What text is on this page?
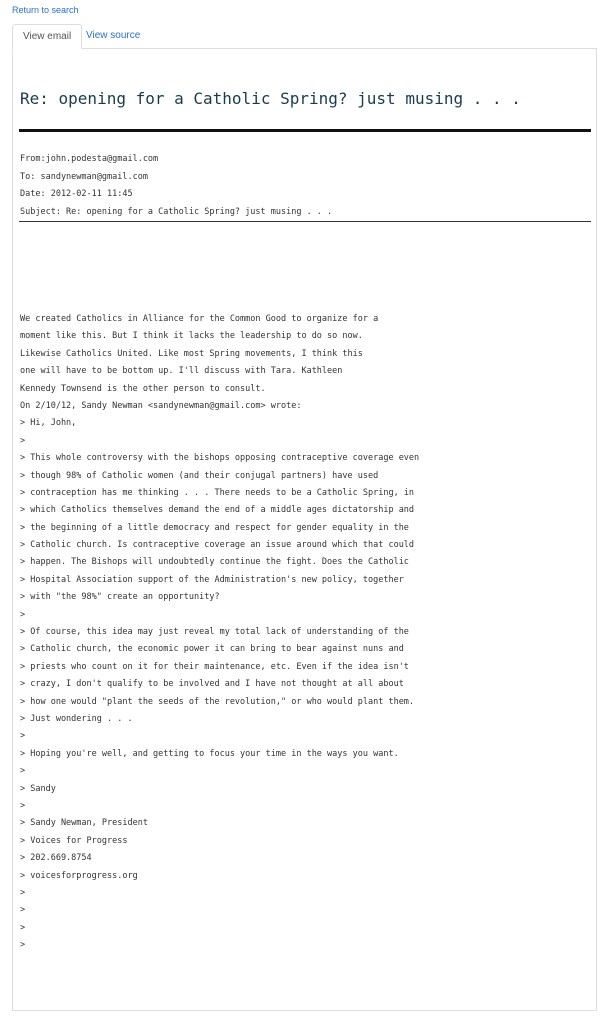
Return to search
View email	View source
Re: opening for a Catholic Spring? just musing . . .
From:john.podesta@gmail.com
To: sandynewman@gmail.com
Date: 2012-02-11 11:45
Subject: Re: opening for a Catholic Spring? just musing . . .
We created Catholics in Alliance for the Common Good to organize for a
moment like this. But I think it lacks the leadership to do so now.
Likewise Catholics United. Like most Spring movements, I think this
one will have to be bottom up. I'll discuss with Tara. Kathleen
Kennedy Townsend is the other person to consult.
On 2/10/12, Sandy Newman <sandynewman@gmail.com> wrote:
> Hi, John,
>
> This whole controversy with the bishops opposing contraceptive coverage even
> though 98% of Catholic women (and their conjugal partners) have used
> contraception has me thinking . . . There needs to be a Catholic Spring, in
> which Catholics themselves demand the end of a middle ages dictatorship and
> the beginning of a little democracy and respect for gender equality in the
> Catholic church. Is contraceptive coverage an issue around which that could
> happen. The Bishops will undoubtedly continue the fight. Does the Catholic
> Hospital Association support of the Administration's new policy, together
> with "the 98%" create an opportunity?
>
> Of course, this idea may just reveal my total lack of understanding of the
> Catholic church, the economic power it can bring to bear against nuns and
> priests who count on it for their maintenance, etc. Even if the idea isn't
> crazy, I don't qualify to be involved and I have not thought at all about
> how one would "plant the seeds of the revolution," or who would plant them.
> Just wondering . . .
>
> Hoping you're well, and getting to focus your time in the ways you want.
>
> Sandy
>
> Sandy Newman, President
> Voices for Progress
> 202.669.8754
> voicesforprogress.org
>
>
>
>
